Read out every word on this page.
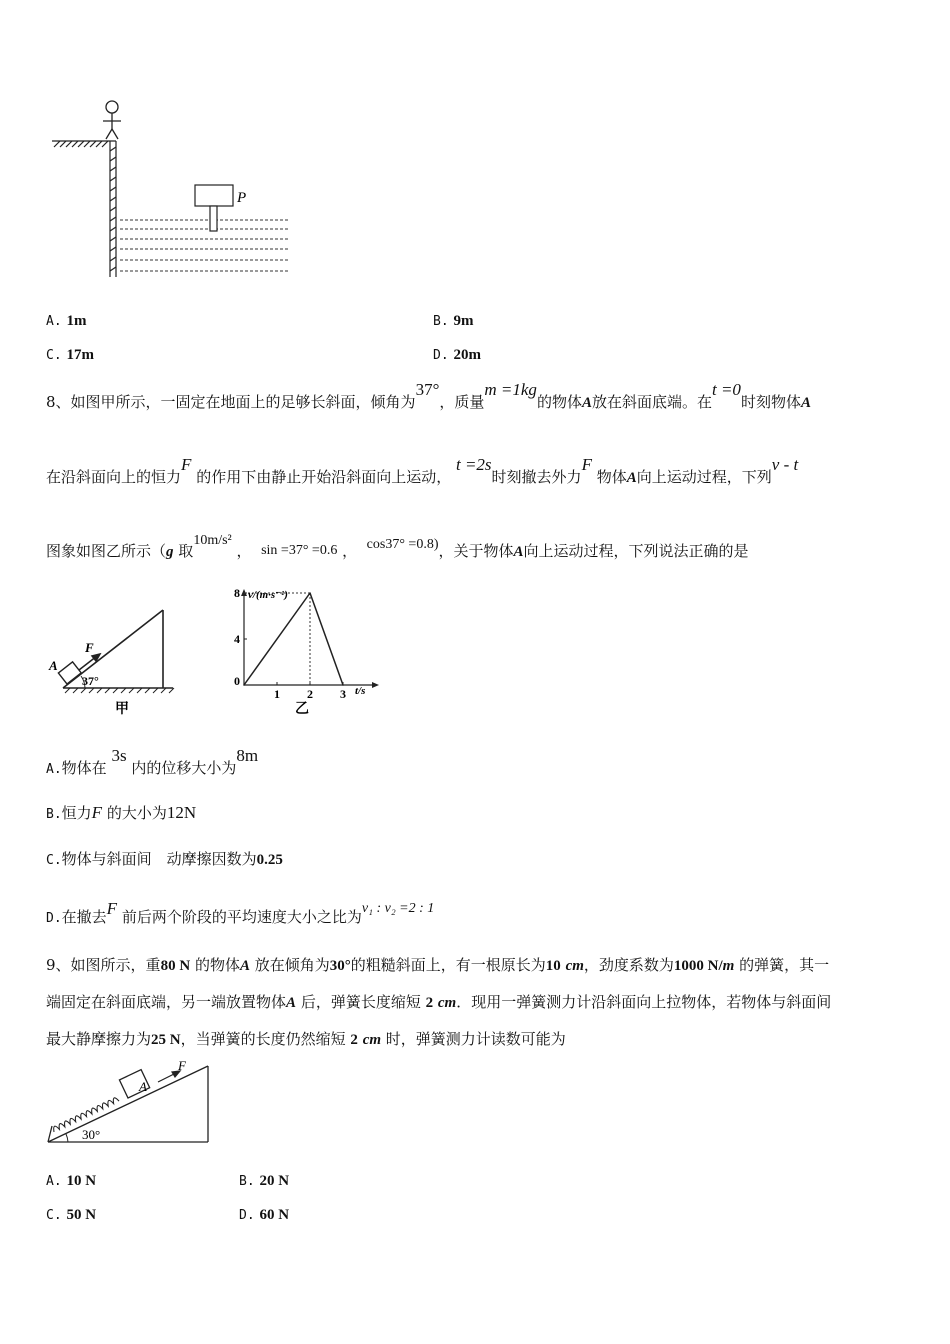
P
A. 1m	B. 9m
C. 17m	D. 20m
8、如图甲所示，一固定在地面上的足够长斜面，倾角为37°，质量m =1kg的物体A放在斜面底端。在t =0时刻物体A
在沿斜面向上的恒力F 的作用下由静止开始沿斜面向上运动， t =2s时刻撤去外力F 物体A向上运动过程，下列v - t
图象如图乙所示（g 取10m/s² ， sin =37° =0.6 ， cos37° =0.8)，关于物体A向上运动过程，下列说法正确的是
A
F
37°
甲
1 2 3
4
8 v/(m·s⁻¹)
t/s
0
乙
A.物体在 3s 内的位移大小为8m
B.恒力F 的大小为12N
C.物体与斜面间　动摩擦因数为0.25
D.在撤去F 前后两个阶段的平均速度大小之比为v₁ : v₂ =2 : 1
9、如图所示，重80 N 的物体A 放在倾角为30°的粗糙斜面上，有一根原长为10 cm，劲度系数为1000 N/m 的弹簧，其一
端固定在斜面底端，另一端放置物体A 后，弹簧长度缩短 2 cm．现用一弹簧测力计沿斜面向上拉物体，若物体与斜面间
最大静摩擦力为25 N，当弹簧的长度仍然缩短 2 cm 时，弹簧测力计读数可能为
A
F
30°
A. 10 N	B. 20 N
C. 50 N	D. 60 N
